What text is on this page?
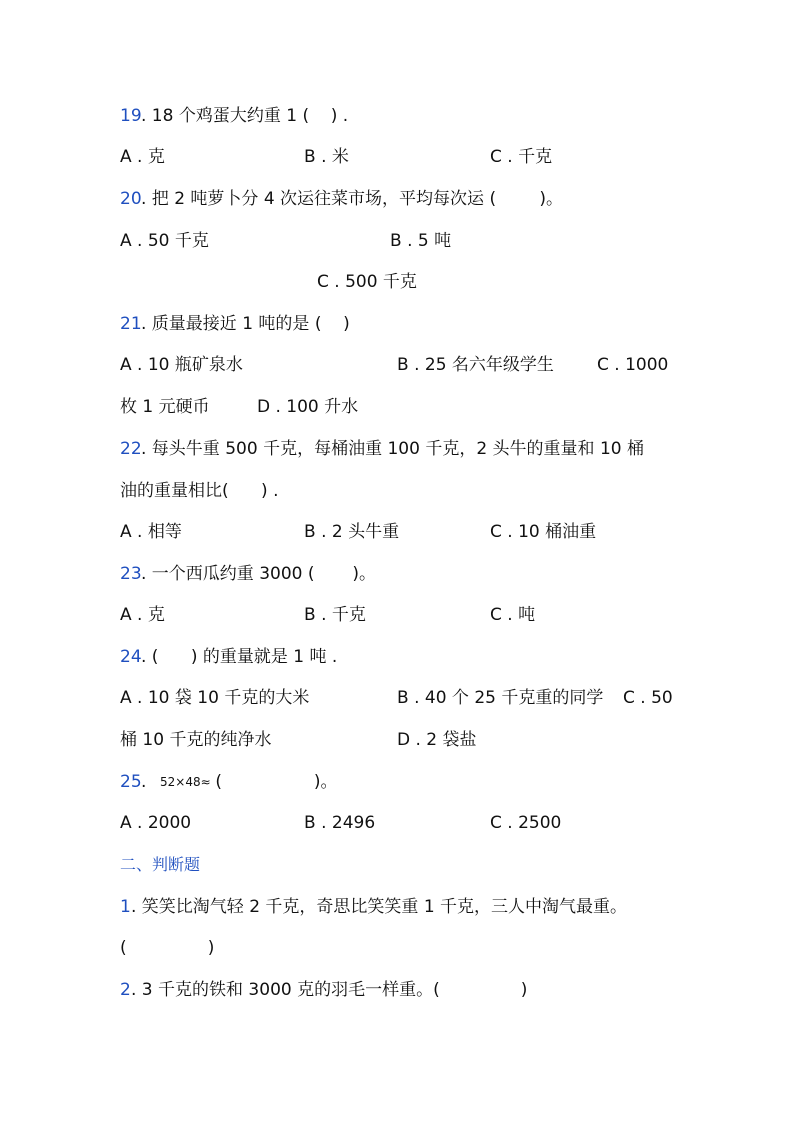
19 . 18 个鸡蛋大约重 1 (    ) .
A . 克	B . 米	C . 千克
20 . 把 2 吨萝卜分 4 次运往菜市场，平均每次运 (        )。
A . 50 千克	B . 5 吨
C . 500 千克
21 . 质量最接近 1 吨的是 (    )
A . 10 瓶矿泉水	B . 25 名六年级学生	C . 1000
枚 1 元硬币	D . 100 升水
22 . 每头牛重 500 千克，每桶油重 100 千克，2 头牛的重量和 10 桶
油的重量相比(      ) .
A . 相等	B . 2 头牛重	C . 10 桶油重
23 . 一个西瓜约重 3000 (       )。
A . 克	B . 千克	C . 吨
24 . (      ) 的重量就是 1 吨 .
A . 10 袋 10 千克的大米	B . 40 个 25 千克重的同学 C . 50
桶 10 千克的纯净水	D . 2 袋盐
25 . 52×48≈ (                 )。
A . 2000	B . 2496	C . 2500
二、判断题
1 . 笑笑比淘气轻 2 千克，奇思比笑笑重 1 千克，三人中淘气最重。
(               )
2 . 3 千克的铁和 3000 克的羽毛一样重。(               )
